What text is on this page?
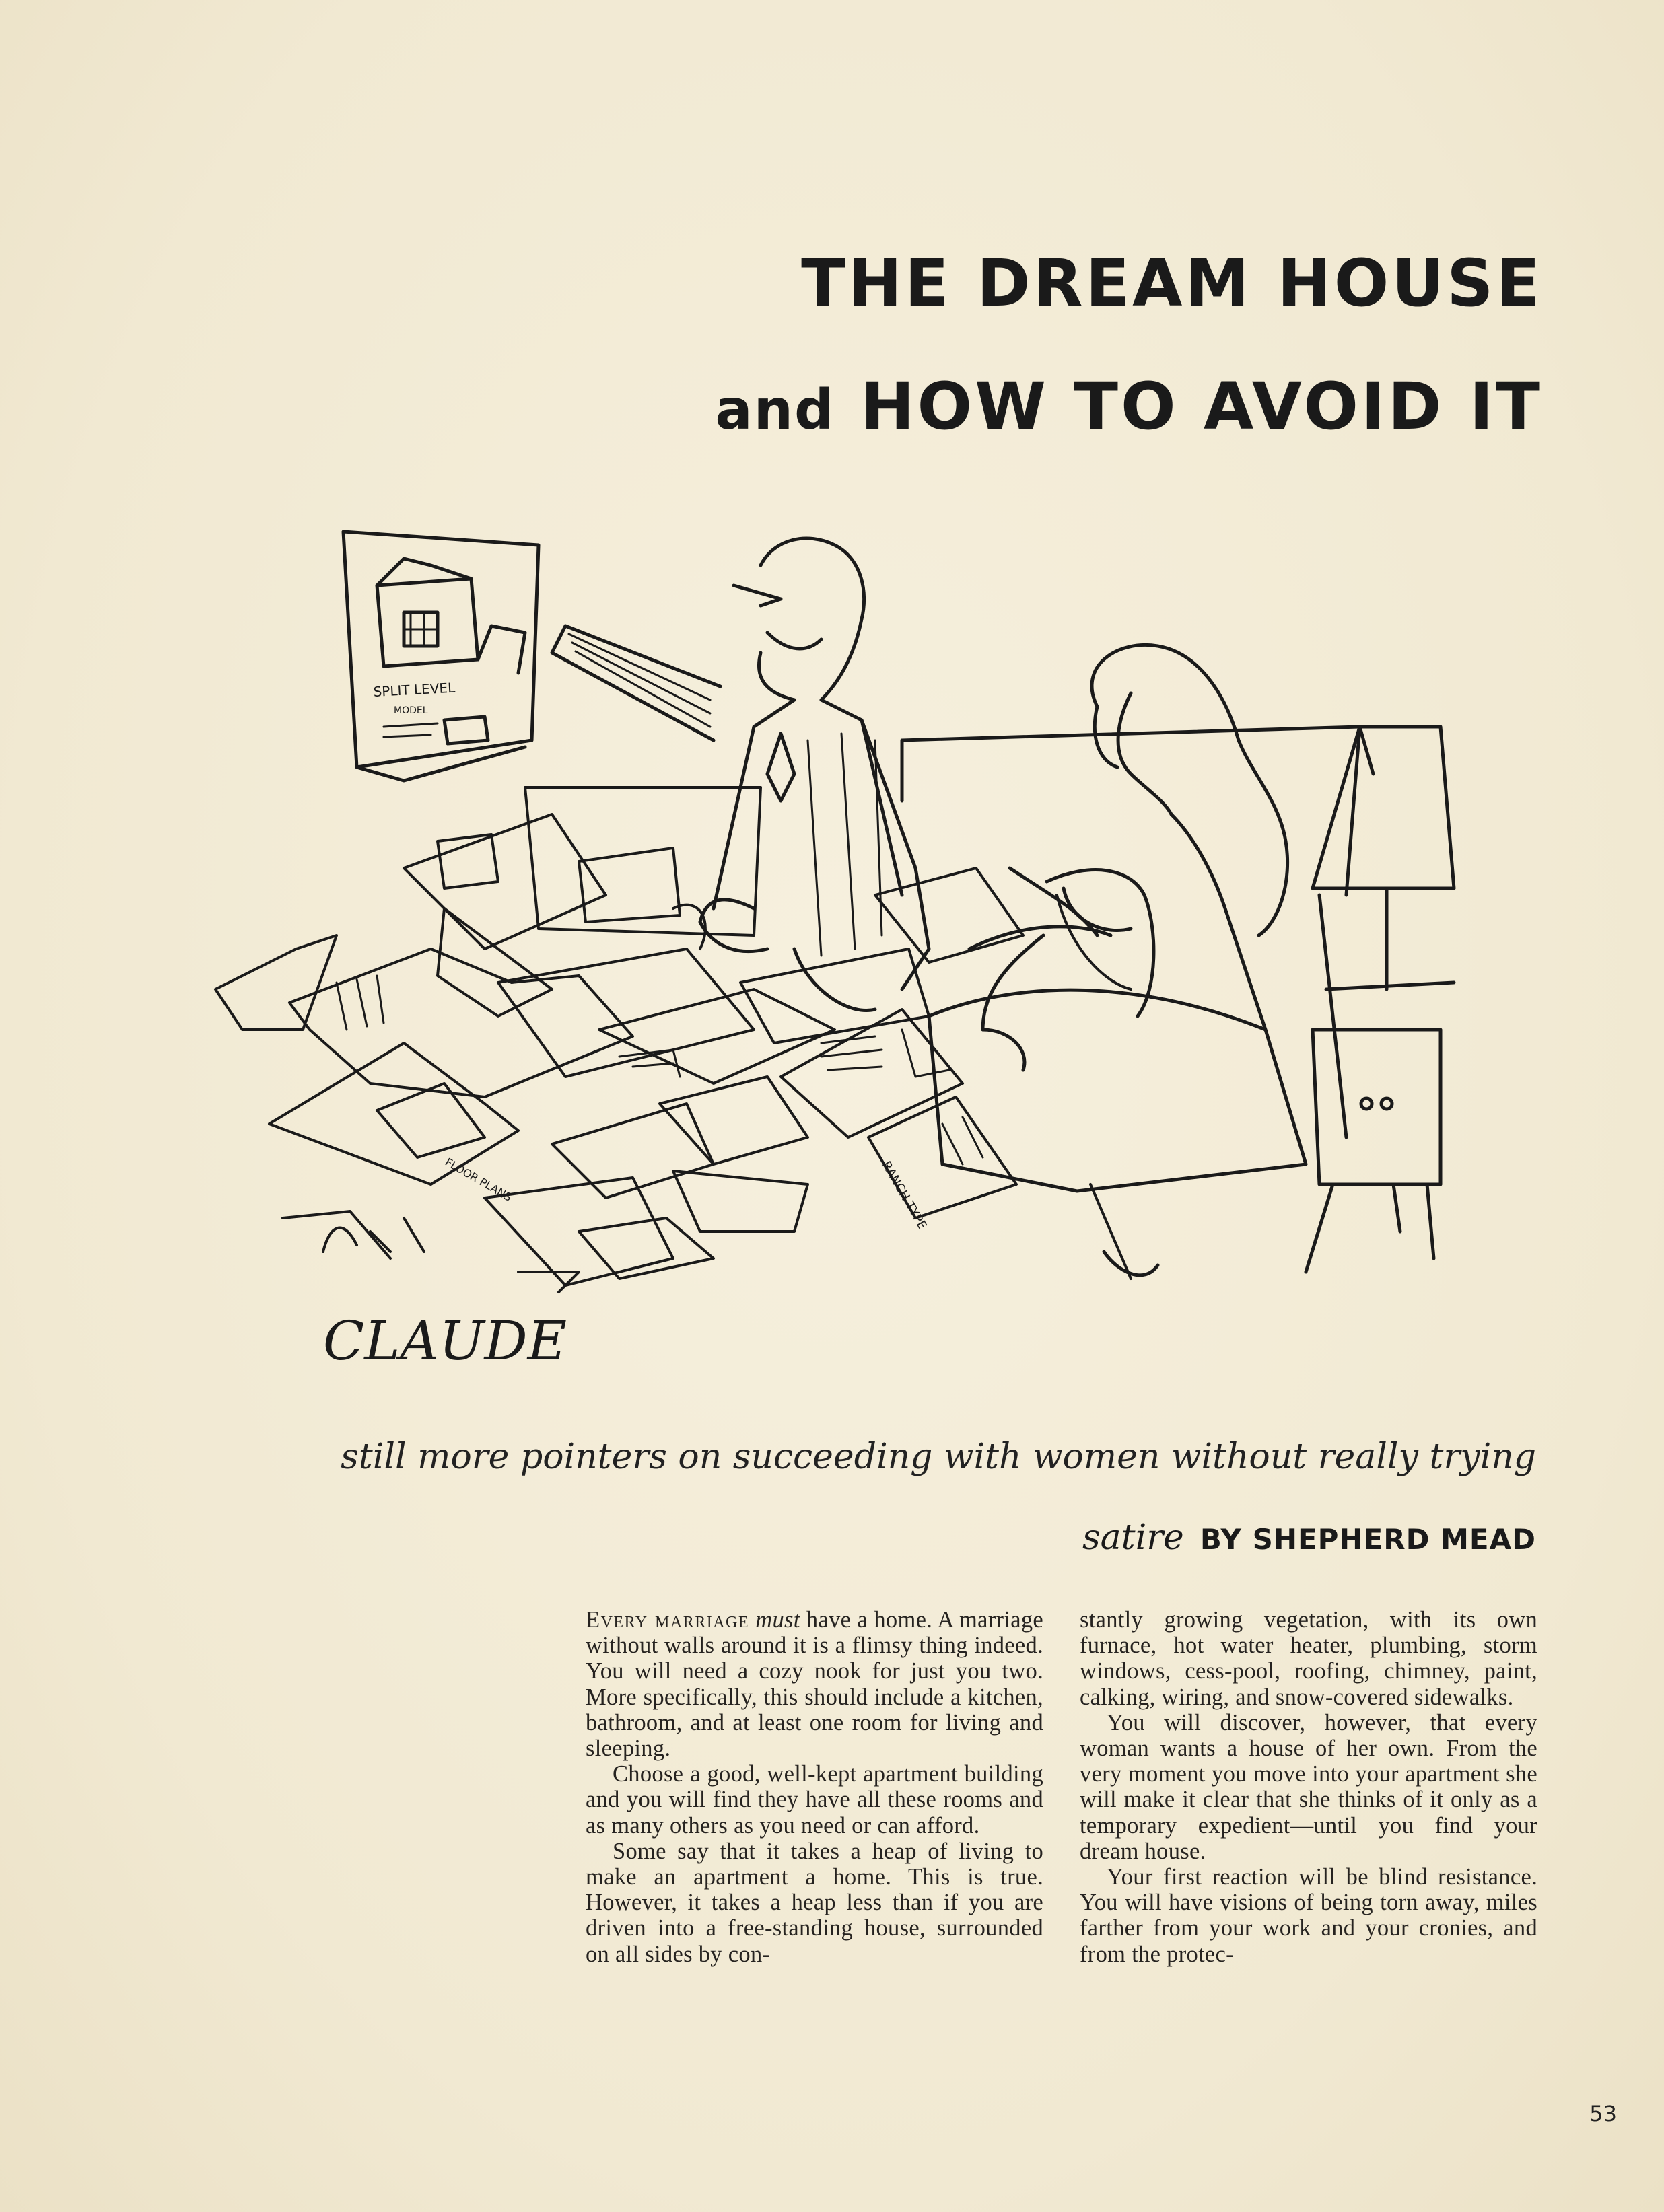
THE DREAM HOUSE
and HOW TO AVOID IT
SPLIT LEVEL
MODEL
FLOOR PLANS	RANCH TYPE
CLAUDE
still more pointers on succeeding with women without really trying
satire BY SHEPHERD MEAD

Every marriage must have a home. A marriage without walls around it is a flimsy thing indeed. You will need a cozy nook for just you two. More specifically, this should include a kitchen, bathroom, and at least one room for living and sleeping.

Choose a good, well-kept apartment building and you will find they have all these rooms and as many others as you need or can afford.

Some say that it takes a heap of living to make an apartment a home. This is true. However, it takes a heap less than if you are driven into a free-standing house, surrounded on all sides by con-

stantly growing vegetation, with its own furnace, hot water heater, plumbing, storm windows, cess-pool, roofing, chimney, paint, calking, wiring, and snow-covered sidewalks.

You will discover, however, that every woman wants a house of her own. From the very moment you move into your apartment she will make it clear that she thinks of it only as a temporary expedient—until you find your dream house.

Your first reaction will be blind resistance. You will have visions of being torn away, miles farther from your work and your cronies, and from the protec-

53
